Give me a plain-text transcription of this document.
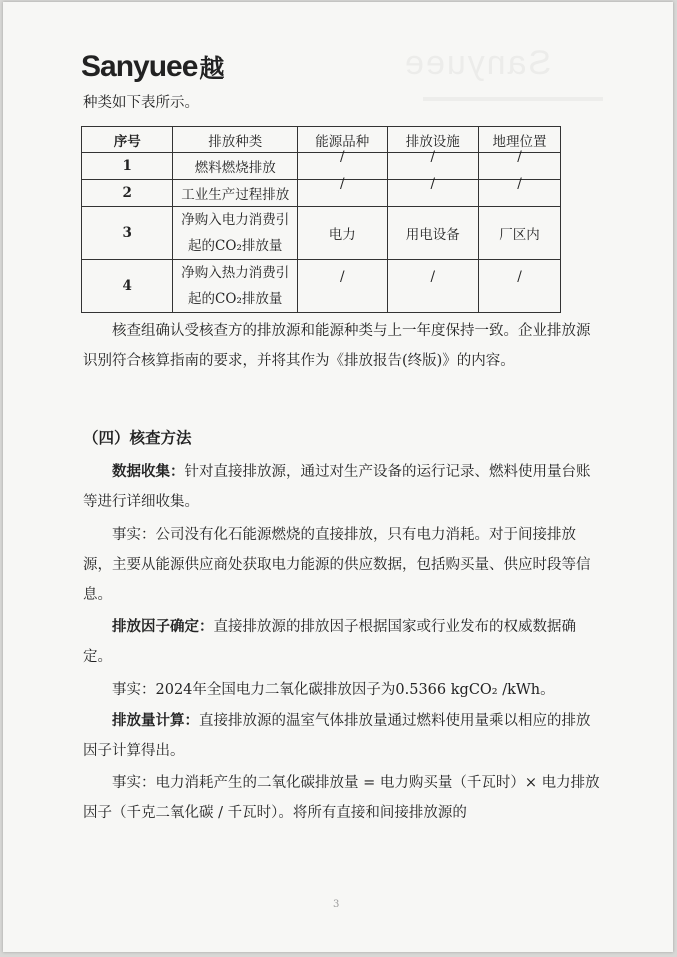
Sanyuee
Sanyuee 越
种类如下表所示。
序号	排放种类	能源品种	排放设施	地理位置
1	燃料燃烧排放	/	/	/
2	工业生产过程排放	/	/	/
3	净购入电力消费引
起的CO₂排放量	电力	用电设备	厂区内
4	净购入热力消费引
起的CO₂排放量	/	/	/
核查组确认受核查方的排放源和能源种类与上一年度保持一致。企业排放源识别符合核算指南的要求，并将其作为《排放报告(终版)》的内容。
（四）核查方法
数据收集：针对直接排放源，通过对生产设备的运行记录、燃料使用量台账等进行详细收集。
事实：公司没有化石能源燃烧的直接排放，只有电力消耗。对于间接排放源，主要从能源供应商处获取电力能源的供应数据，包括购买量、供应时段等信息。
排放因子确定：直接排放源的排放因子根据国家或行业发布的权威数据确定。
事实：2024年全国电力二氧化碳排放因子为0.5366 kgCO₂ /kWh。
排放量计算：直接排放源的温室气体排放量通过燃料使用量乘以相应的排放因子计算得出。
事实：电力消耗产生的二氧化碳排放量 = 电力购买量（千瓦时）× 电力排放因子（千克二氧化碳 / 千瓦时）。将所有直接和间接排放源的
3
